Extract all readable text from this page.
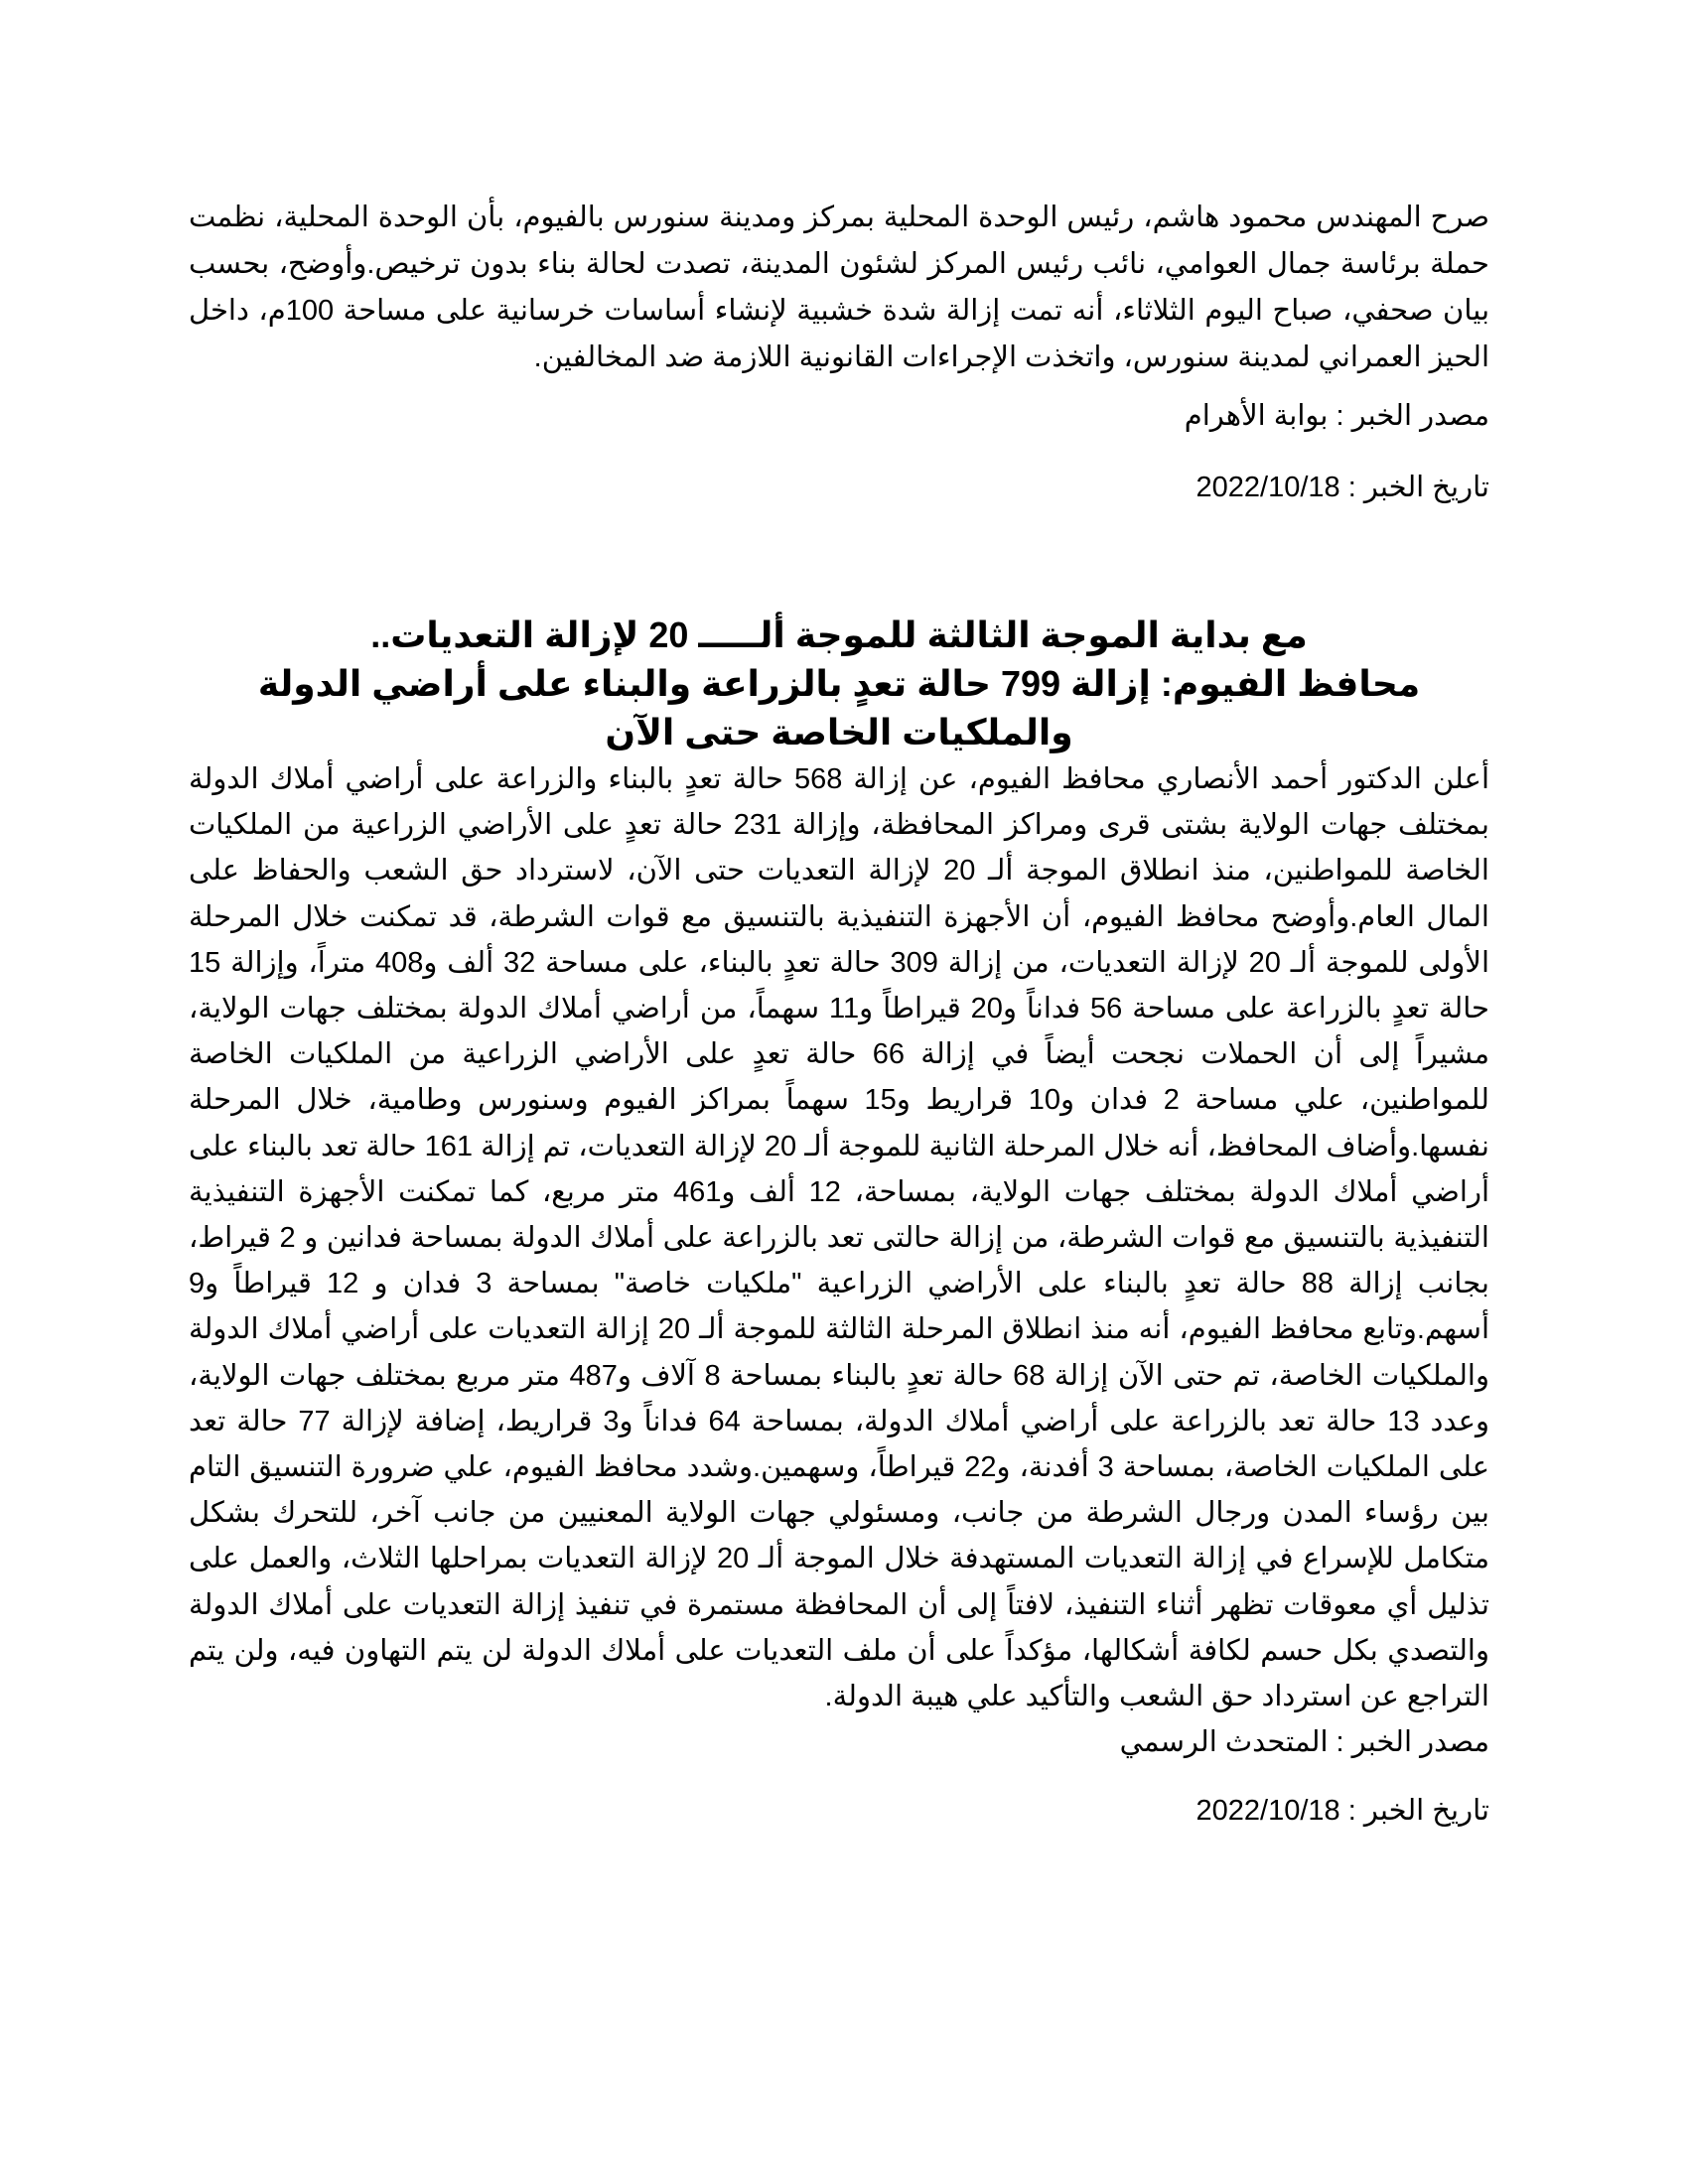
صرح المهندس محمود هاشم، رئيس الوحدة المحلية بمركز ومدينة سنورس بالفيوم، بأن الوحدة المحلية، نظمت حملة برئاسة جمال العوامي، نائب رئيس المركز لشئون المدينة، تصدت لحالة بناء بدون ترخيص.وأوضح، بحسب بيان صحفي، صباح اليوم الثلاثاء، أنه تمت إزالة شدة خشبية لإنشاء أساسات خرسانية على مساحة 100م، داخل الحيز العمراني لمدينة سنورس، واتخذت الإجراءات القانونية اللازمة ضد المخالفين.

مصدر الخبر : بوابة الأهرام

تاريخ الخبر : 2022/10/18

مع بداية الموجة الثالثة للموجة ألـــــ 20 لإزالة التعديات..
محافظ الفيوم: إزالة 799 حالة تعدٍ بالزراعة والبناء على أراضي الدولة
والملكيات الخاصة حتى الآن

أعلن الدكتور أحمد الأنصاري محافظ الفيوم، عن إزالة 568 حالة تعدٍ بالبناء والزراعة على أراضي أملاك الدولة بمختلف جهات الولاية بشتى قرى ومراكز المحافظة، وإزالة 231 حالة تعدٍ على الأراضي الزراعية من الملكيات الخاصة للمواطنين، منذ انطلاق الموجة ألـ 20 لإزالة التعديات حتى الآن، لاسترداد حق الشعب والحفاظ على المال العام.وأوضح محافظ الفيوم، أن الأجهزة التنفيذية بالتنسيق مع قوات الشرطة، قد تمكنت خلال المرحلة الأولى للموجة ألـ 20 لإزالة التعديات، من إزالة 309 حالة تعدٍ بالبناء، على مساحة 32 ألف و408 متراً، وإزالة 15 حالة تعدٍ بالزراعة على مساحة 56 فداناً و20 قيراطاً و11 سهماً، من أراضي أملاك الدولة بمختلف جهات الولاية، مشيراً إلى أن الحملات نجحت أيضاً في إزالة 66 حالة تعدٍ على الأراضي الزراعية من الملكيات الخاصة للمواطنين، علي مساحة 2 فدان و10 قراريط و15 سهماً بمراكز الفيوم وسنورس وطامية، خلال المرحلة نفسها.وأضاف المحافظ، أنه خلال المرحلة الثانية للموجة ألـ 20 لإزالة التعديات، تم إزالة 161 حالة تعد بالبناء على أراضي أملاك الدولة بمختلف جهات الولاية، بمساحة، 12 ألف و461 متر مربع، كما تمكنت الأجهزة التنفيذية التنفيذية بالتنسيق مع قوات الشرطة، من إزالة حالتى تعد بالزراعة على أملاك الدولة بمساحة فدانين و 2 قيراط، بجانب إزالة 88 حالة تعدٍ بالبناء على الأراضي الزراعية "ملكيات خاصة" بمساحة 3 فدان و 12 قيراطاً و9 أسهم.وتابع محافظ الفيوم، أنه منذ انطلاق المرحلة الثالثة للموجة ألـ 20 إزالة التعديات على أراضي أملاك الدولة والملكيات الخاصة، تم حتى الآن إزالة 68 حالة تعدٍ بالبناء بمساحة 8 آلاف و487 متر مربع بمختلف جهات الولاية، وعدد 13 حالة تعد بالزراعة على أراضي أملاك الدولة، بمساحة 64 فداناً و3 قراريط، إضافة لإزالة 77 حالة تعد على الملكيات الخاصة، بمساحة 3 أفدنة، و22 قيراطاً، وسهمين.وشدد محافظ الفيوم، علي ضرورة التنسيق التام بين رؤساء المدن ورجال الشرطة من جانب، ومسئولي جهات الولاية المعنيين من جانب آخر، للتحرك بشكل متكامل للإسراع في إزالة التعديات المستهدفة خلال الموجة ألـ 20 لإزالة التعديات بمراحلها الثلاث، والعمل على تذليل أي معوقات تظهر أثناء التنفيذ، لافتاً إلى أن المحافظة مستمرة في تنفيذ إزالة التعديات على أملاك الدولة والتصدي بكل حسم لكافة أشكالها، مؤكداً على أن ملف التعديات على أملاك الدولة لن يتم التهاون فيه، ولن يتم التراجع عن استرداد حق الشعب والتأكيد علي هيبة الدولة.

مصدر الخبر : المتحدث الرسمي

تاريخ الخبر : 2022/10/18
